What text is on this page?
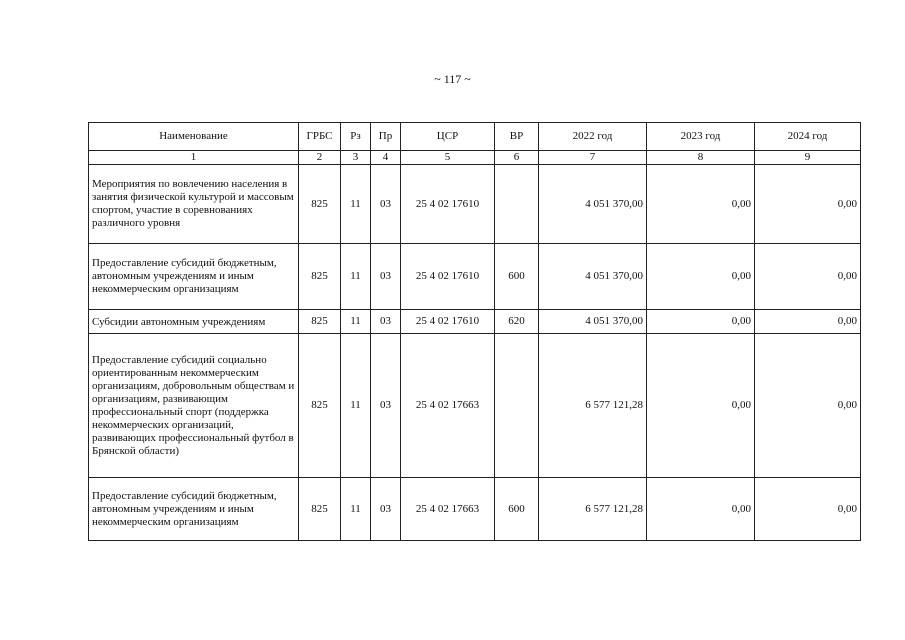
~ 117 ~
Наименование	ГРБС	Рз	Пр	ЦСР	ВР	2022 год	2023 год	2024 год
1	2	3	4	5	6	7	8	9
Мероприятия по вовлечению населения в занятия физической культурой и массовым спортом, участие в соревнованиях различного уровня	825	11	03	25 4 02 17610		4 051 370,00	0,00	0,00
Предоставление субсидий бюджетным, автономным учреждениям и иным некоммерческим организациям	825	11	03	25 4 02 17610	600	4 051 370,00	0,00	0,00
Субсидии автономным учреждениям	825	11	03	25 4 02 17610	620	4 051 370,00	0,00	0,00
Предоставление субсидий социально ориентированным некоммерческим организациям, добровольным обществам и организациям, развивающим профессиональный спорт (поддержка некоммерческих организаций, развивающих профессиональный футбол в Брянской области)	825	11	03	25 4 02 17663		6 577 121,28	0,00	0,00
Предоставление субсидий бюджетным, автономным учреждениям и иным некоммерческим организациям	825	11	03	25 4 02 17663	600	6 577 121,28	0,00	0,00
